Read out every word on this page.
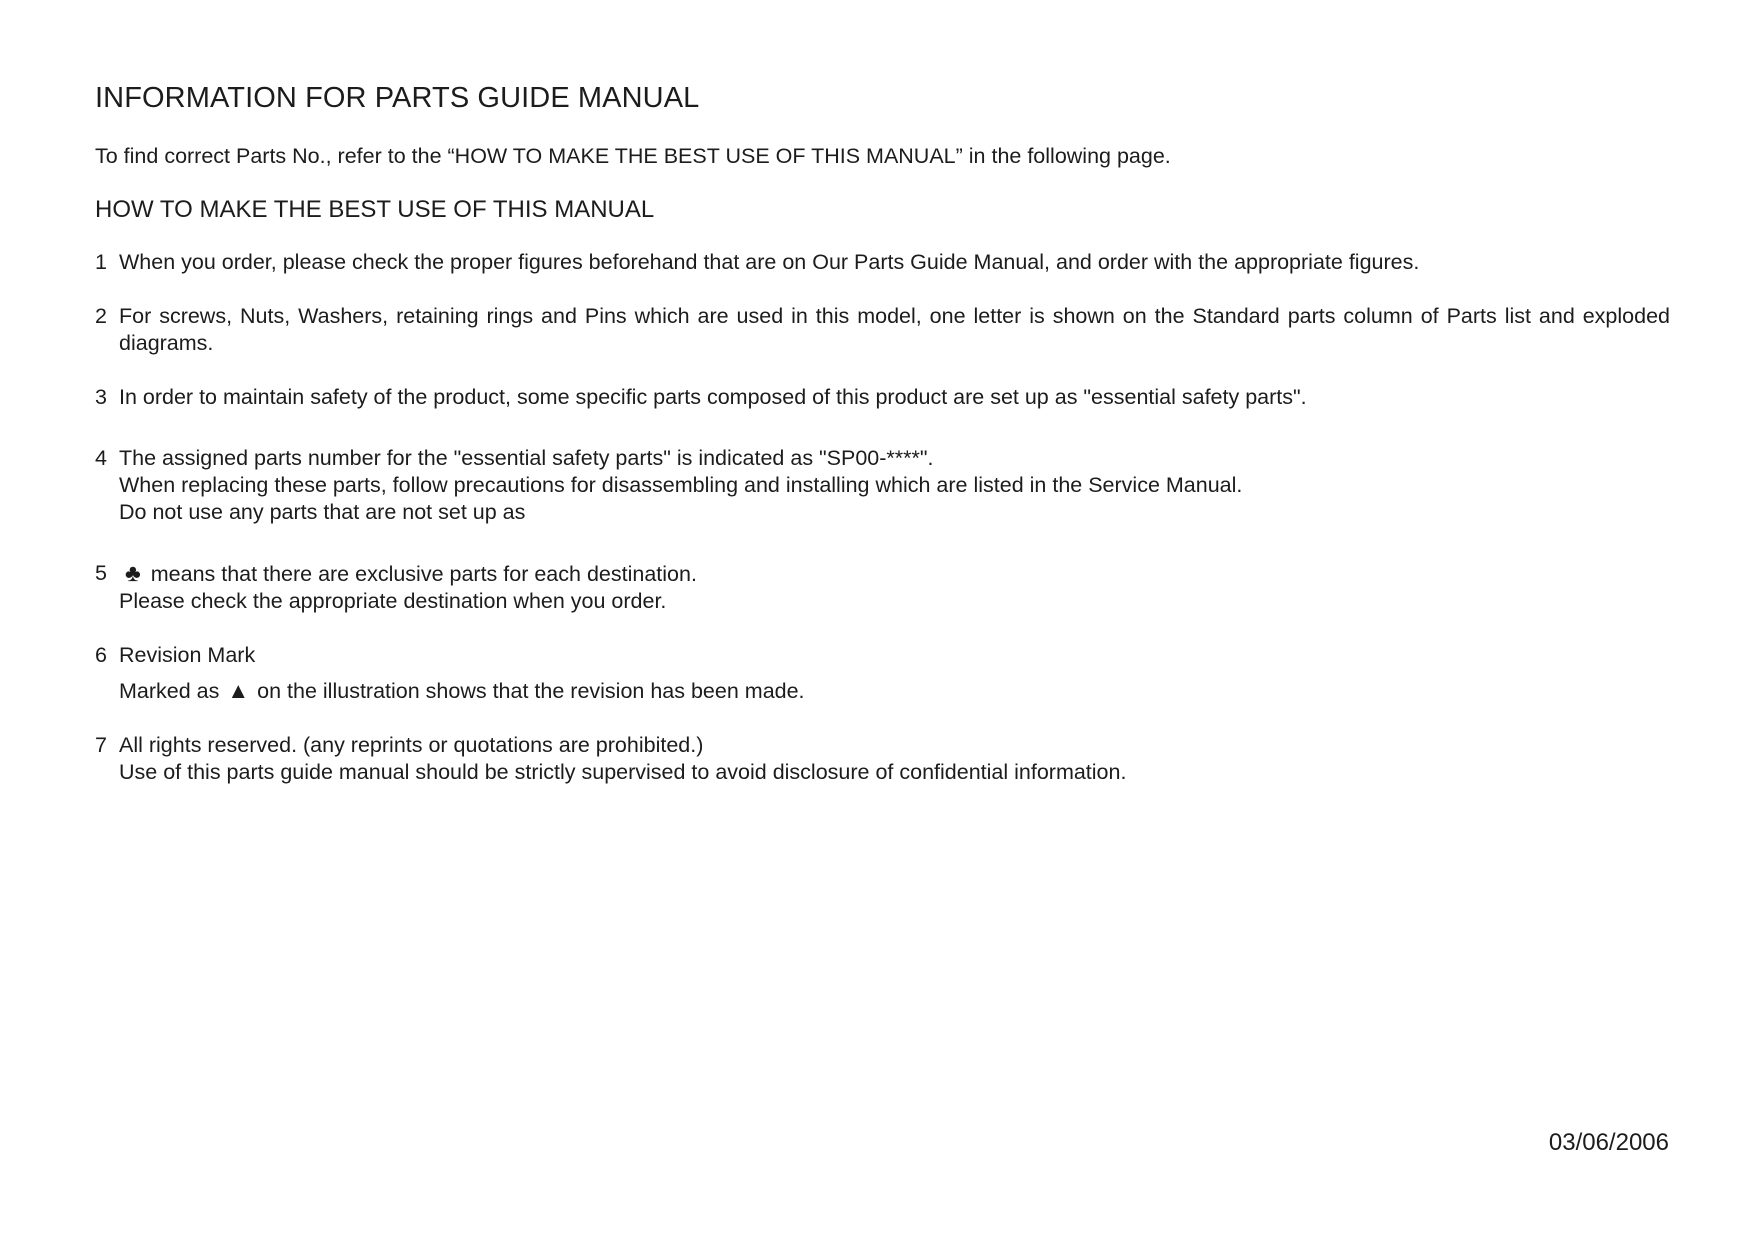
INFORMATION FOR PARTS GUIDE MANUAL

To find correct Parts No., refer to the “HOW TO MAKE THE BEST USE OF THIS MANUAL” in the following page.

HOW TO MAKE THE BEST USE OF THIS MANUAL
1 When you order, please check the proper figures beforehand that are on Our Parts Guide Manual, and order with the appropriate figures.
2 For screws, Nuts, Washers, retaining rings and Pins which are used in this model, one letter is shown on the Standard parts column of Parts list and exploded diagrams.
3 In order to maintain safety of the product, some specific parts composed of this product are set up as "essential safety parts".
4 The assigned parts number for the "essential safety parts" is indicated as "SP00-****".
When replacing these parts, follow precautions for disassembling and installing which are listed in the Service Manual.
Do not use any parts that are not set up as
5 ♣ means that there are exclusive parts for each destination.
Please check the appropriate destination when you order.
6 Revision Mark
Marked as ▲ on the illustration shows that the revision has been made.
7 All rights reserved. (any reprints or quotations are prohibited.)
Use of this parts guide manual should be strictly supervised to avoid disclosure of confidential information.
03/06/2006
